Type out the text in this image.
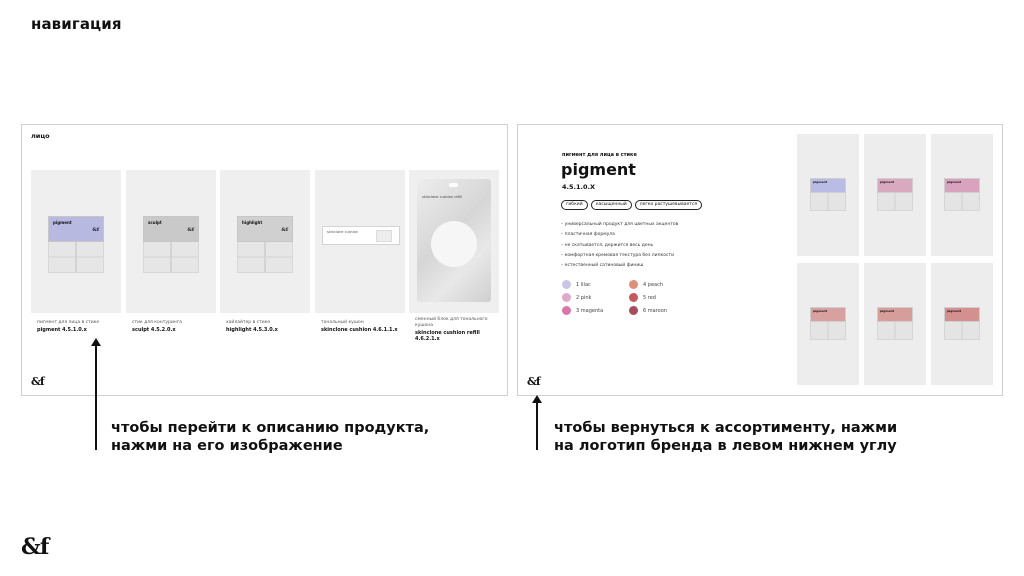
навигация
лицо
pigment
&f
пигмент для лица в стике
pigment 4.5.1.0.x
sculpt
&f
стик для контуринга
sculpt 4.5.2.0.x
highlight
&f
хайлайтер в стике
highlight 4.5.3.0.x
skinclone cushion
тональный кушон
skinclone cushion 4.6.1.1.x
skinclone cushion refill
сменный блок для тонального кушона
skinclone cushion refill 4.6.2.1.x
&f
пигмент для лица в стике
pigment
4.5.1.0.X
гибкий	насыщенный	легко растушевывается
– универсальный продукт для цветных акцентов
– пластичная формула
– не скатывается, держится весь день
– комфортная кремовая текстура без липкости
– естественный сатиновый финиш
1 lilac
2 pink
3 magenta
4 peach
5 red
6 maroon
pigment	pigment	pigment
pigment	pigment	pigment
&f
чтобы перейти к описанию продукта,
нажми на его изображение
чтобы вернуться к ассортименту, нажми
на логотип бренда в левом нижнем углу
&f
